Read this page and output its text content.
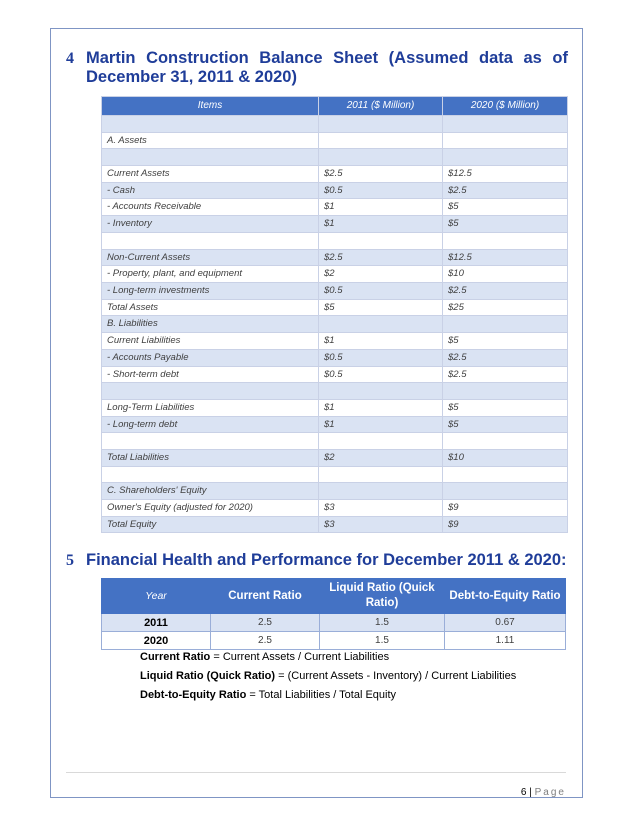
4 Martin Construction Balance Sheet (Assumed data as of
December 31, 2011 & 2020)
Items	2011 ($ Million)	2020 ($ Million)

A. Assets		

Current Assets	$2.5	$12.5
- Cash	$0.5	$2.5
- Accounts Receivable	$1	$5
- Inventory	$1	$5

Non-Current Assets	$2.5	$12.5
- Property, plant, and equipment	$2	$10
- Long-term investments	$0.5	$2.5
Total Assets	$5	$25
B. Liabilities		
Current Liabilities	$1	$5
- Accounts Payable	$0.5	$2.5
- Short-term debt	$0.5	$2.5

Long-Term Liabilities	$1	$5
- Long-term debt	$1	$5

Total Liabilities	$2	$10

C. Shareholders' Equity		
Owner's Equity (adjusted for 2020)	$3	$9
Total Equity	$3	$9
5 Financial Health and Performance for December 2011 & 2020:
Year	Current Ratio	Liquid Ratio (Quick Ratio)	Debt-to-Equity Ratio
2011	2.5	1.5	0.67
2020	2.5	1.5	1.11
Current Ratio = Current Assets / Current Liabilities
Liquid Ratio (Quick Ratio) = (Current Assets - Inventory) / Current Liabilities
Debt-to-Equity Ratio = Total Liabilities / Total Equity
6 | Page
